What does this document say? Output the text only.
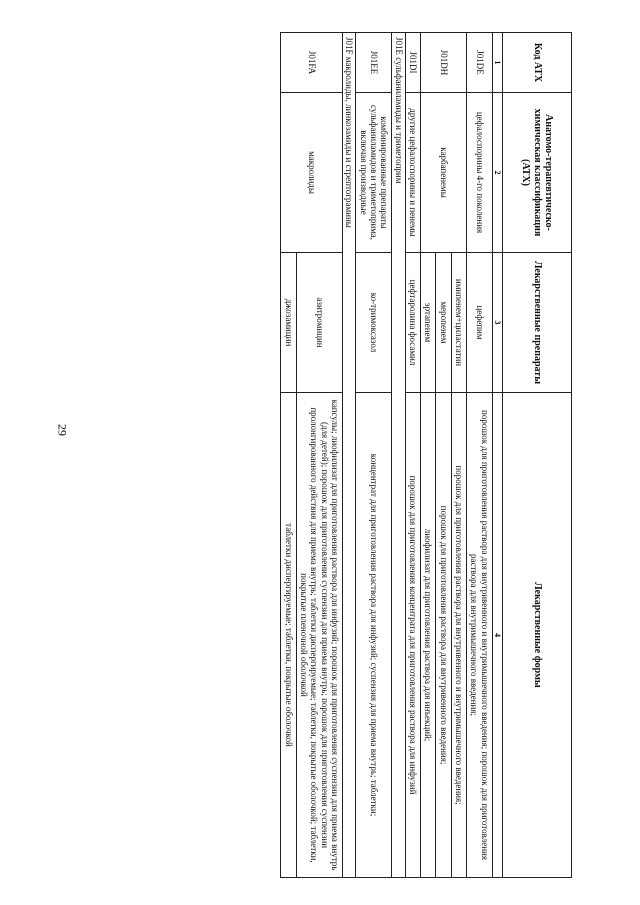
29
Код АТХ	Анатомо-терапевтическо-химическая классификация (АТХ)	Лекарственные препараты	Лекарственные формы
1	2	3	4
J01DE	цефалоспорины 4-го поколения	цефепим	порошок для приготовления раствора для внутривенного и внутримышечного введения; порошок для приготовления раствора для внутримышечного введения;
J01DH	карбапенемы	имипенем+циластатин	порошок для приготовления раствора для внутривенного и внутримышечного введения;
		меропенем	порошок для приготовления раствора для внутривенного введения;
		эртапенем	лиофилизат для приготовления раствора для инъекций;
J01DI	другие цефалоспорины и пенемы	цефтаролина фосамил	порошок для приготовления концентрата для приготовления раствора для инфузий
J01E сульфаниламиды и триметоприм			
J01EE	комбинированные препараты сульфаниламидов и триметоприма, включая производные	ко-тримоксазол	концентрат для приготовления раствора для инфузий; суспензия для приема внутрь; таблетки;
J01F макролиды, линкозамиды и стрептограмины			
J01FA	макролиды	азитромицин	капсулы; лиофилизат для приготовления раствора для инфузий; порошок для приготовления суспензии для приема внутрь (для детей); порошок для приготовления суспензии для приема внутрь; порошок для приготовления суспензии пролонгированного действия для приема внутрь; таблетки диспергируемые; таблетки, покрытые оболочкой; таблетки, покрытые пленочной оболочкой
		джозамицин	таблетки диспергируемые; таблетки, покрытые оболочкой
